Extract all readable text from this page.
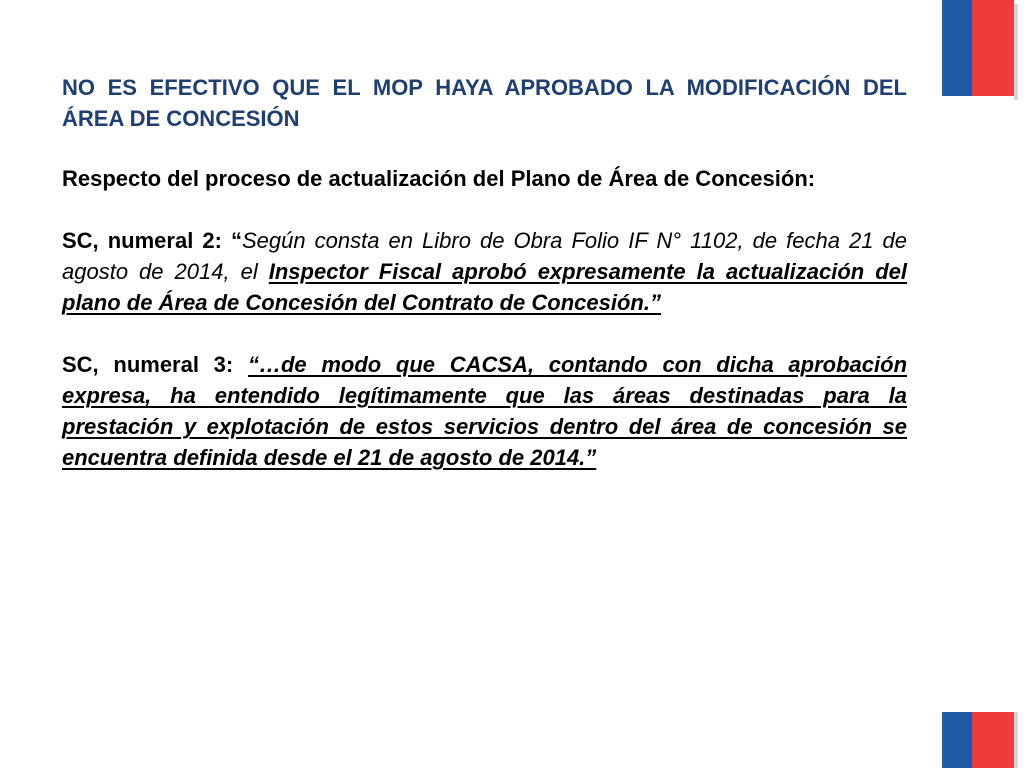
NO ES EFECTIVO QUE EL MOP HAYA APROBADO LA MODIFICACIÓN DEL ÁREA DE CONCESIÓN

Respecto del proceso de actualización del Plano de Área de Concesión:

SC, numeral 2: “Según consta en Libro de Obra Folio IF N° 1102, de fecha 21 de agosto de 2014, el Inspector Fiscal aprobó expresamente la actualización del plano de Área de Concesión del Contrato de Concesión.”

SC, numeral 3: “…de modo que CACSA, contando con dicha aprobación expresa, ha entendido legítimamente que las áreas destinadas para la prestación y explotación de estos servicios dentro del área de concesión se encuentra definida desde el 21 de agosto de 2014.”
